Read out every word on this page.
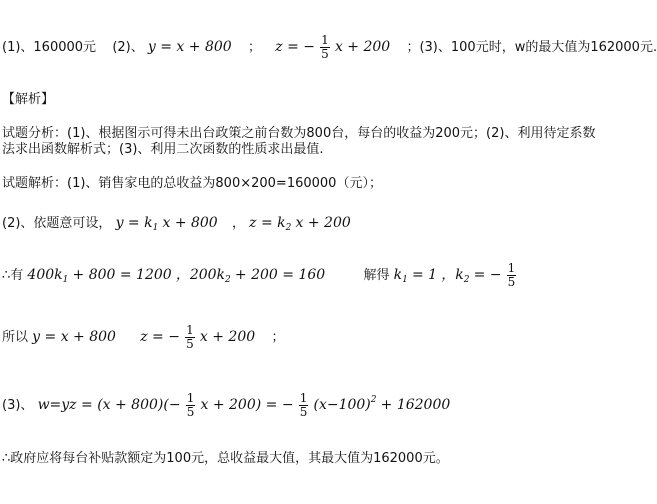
(1)、160000元 (2)、 y = x + 800 ； z = − $\frac{1}{5}$ x + 200 ；(3)、100元时，w的最大值为162000元.
【解析】
试题分析：(1)、根据图示可得未出台政策之前台数为800台，每台的收益为200元；(2)、利用待定系数
法求出函数解析式；(3)、利用二次函数的性质求出最值.
试题解析：(1)、销售家电的总收益为800×200=160000（元）；
(2)、依题意可设， $y = k_1$ x + 800 ， $z = k_2$ x + 200
∴有 $400k_1 + 800 = 1200$ ，$200k_2 + 200 = 160$	解得 $k_1 = 1$ ，$k_2$ = − $\frac{1}{5}$
所以 y = x + 800 z = − $\frac{1}{5}$ x + 200 ；
(3)、 $w=yz = (x + 800)(- \frac{1}{5}$ x + 200) = − $\frac{1}{5} (x-100)^2 + 162000$
∴政府应将每台补贴款额定为100元，总收益最大值，其最大值为162000元。
